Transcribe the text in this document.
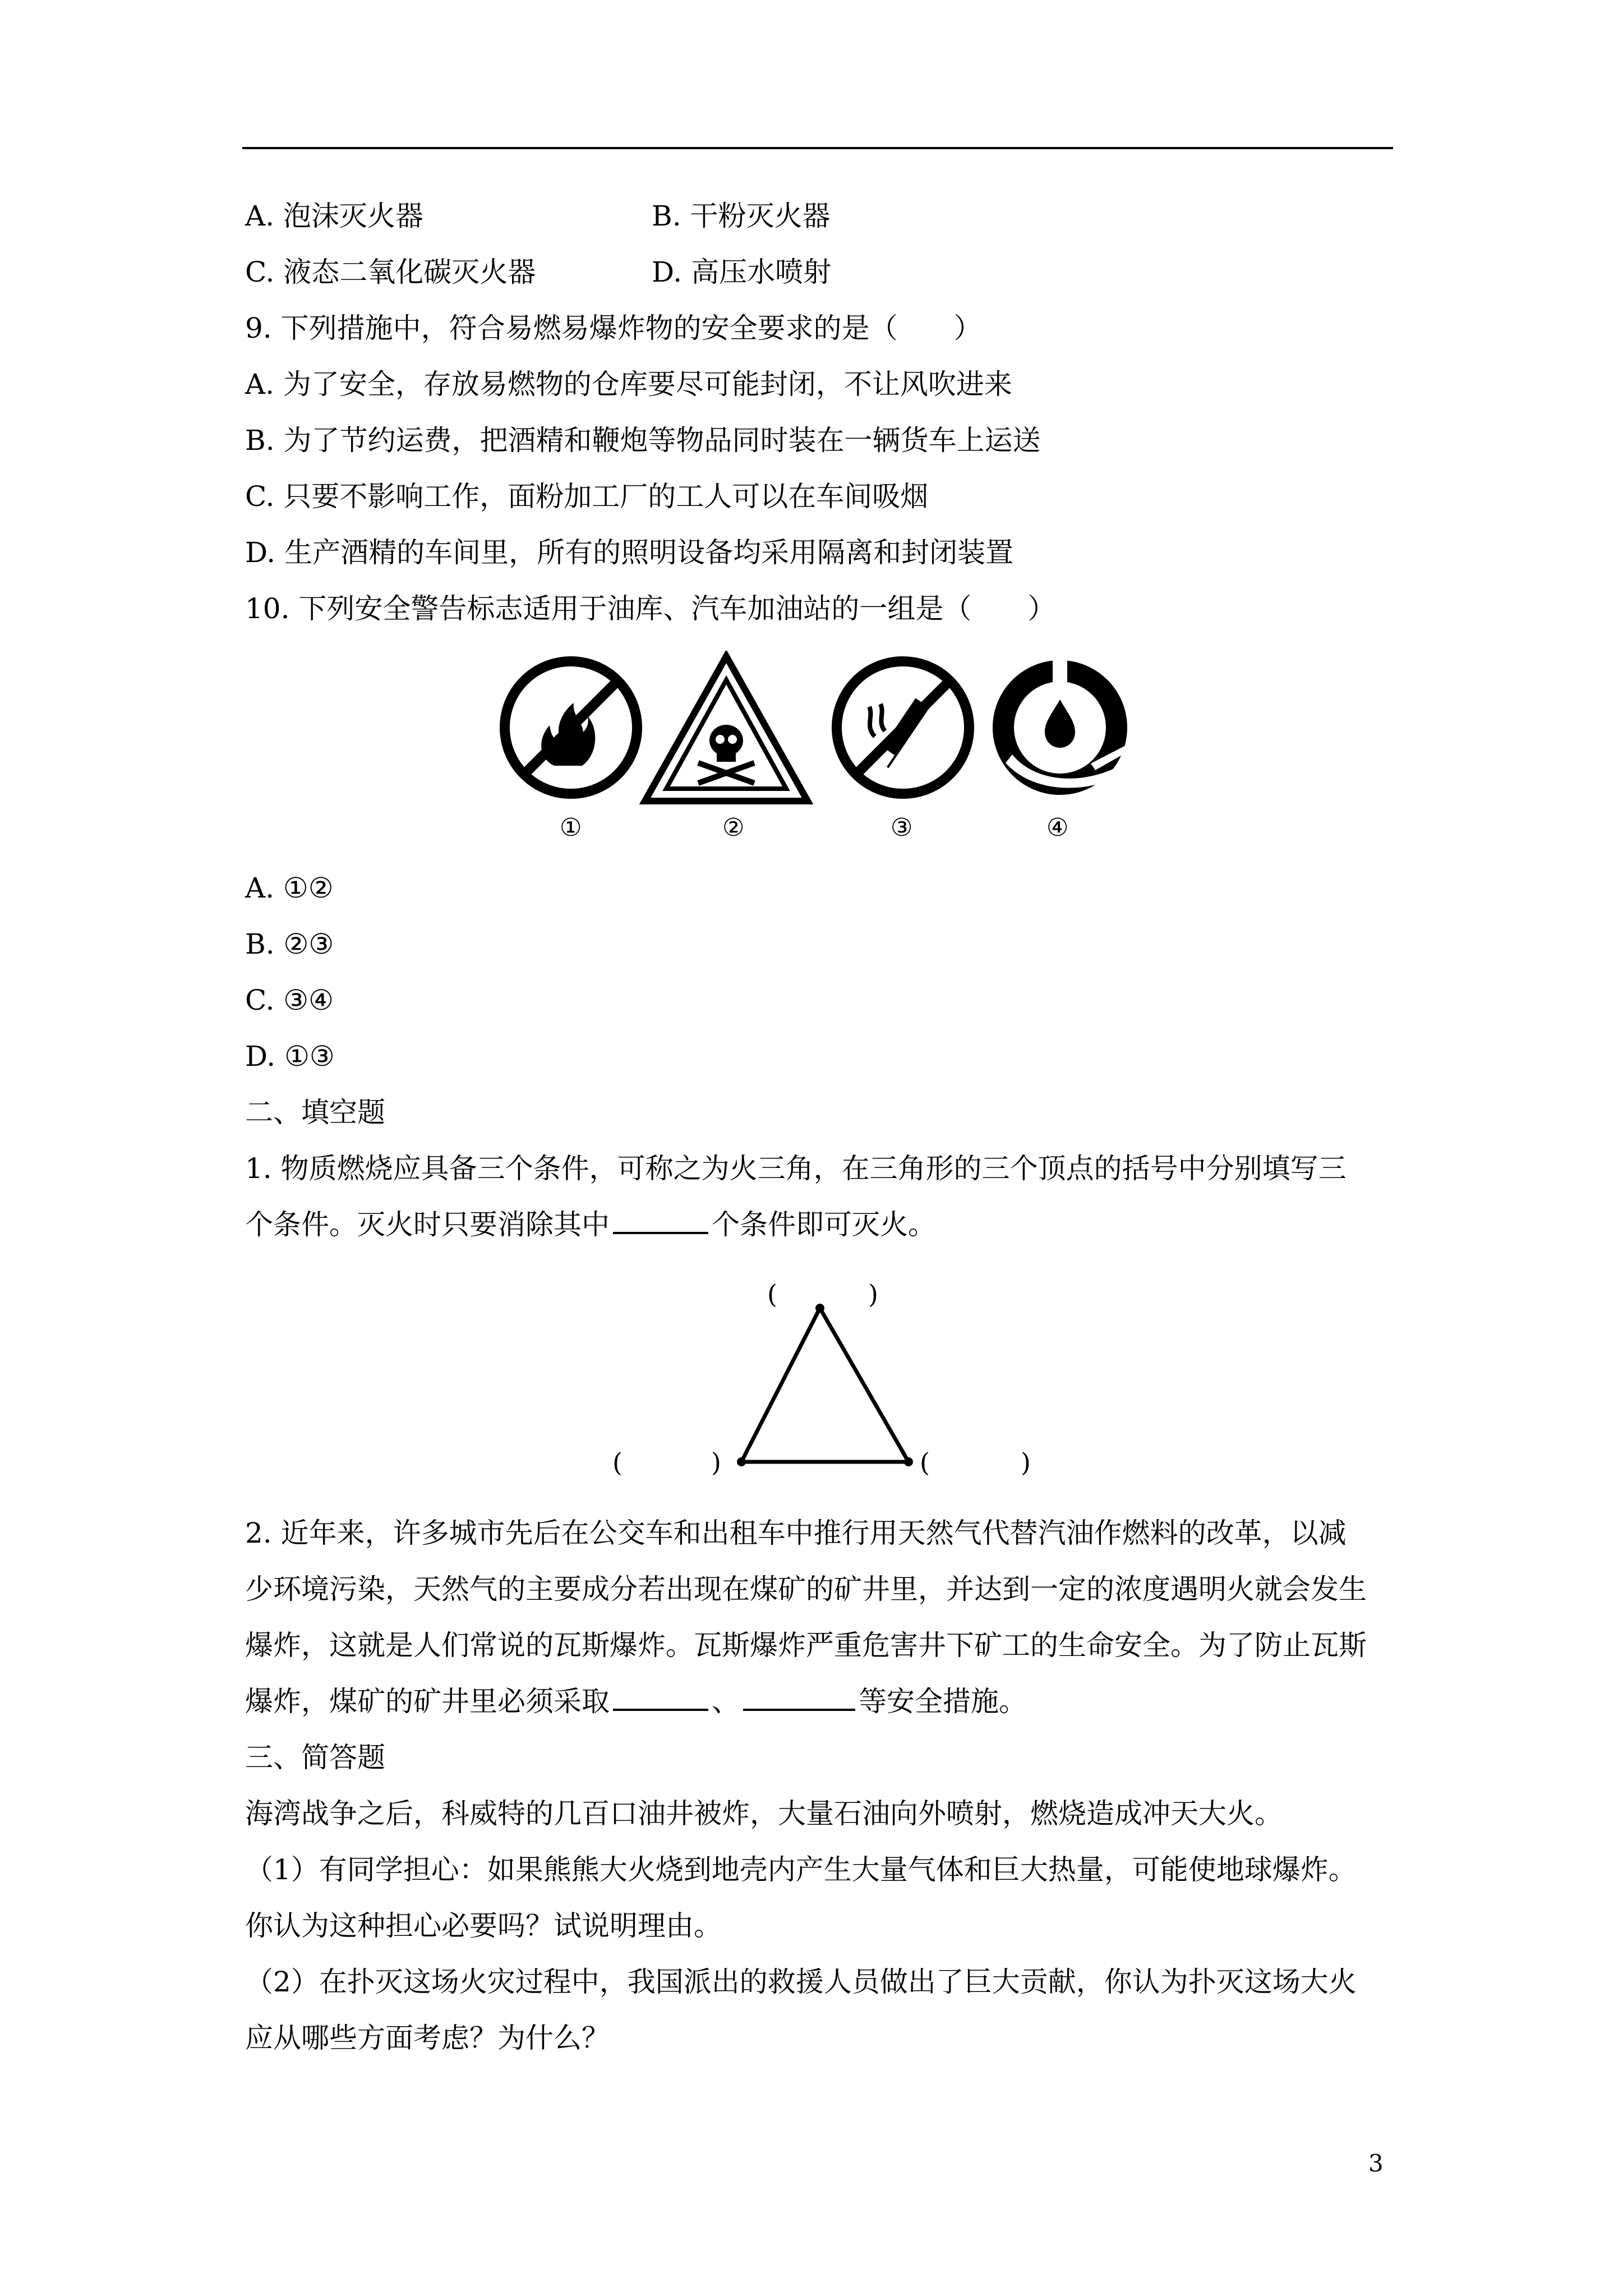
A. 泡沫灭火器	B. 干粉灭火器
C. 液态二氧化碳灭火器	D. 高压水喷射
9. 下列措施中，符合易燃易爆炸物的安全要求的是（　　）
A. 为了安全，存放易燃物的仓库要尽可能封闭，不让风吹进来
B. 为了节约运费，把酒精和鞭炮等物品同时装在一辆货车上运送
C. 只要不影响工作，面粉加工厂的工人可以在车间吸烟
D. 生产酒精的车间里，所有的照明设备均采用隔离和封闭装置
10. 下列安全警告标志适用于油库、汽车加油站的一组是（　　）
①	②	③	④
A. ①②
B. ②③
C. ③④
D. ①③
二、填空题
1. 物质燃烧应具备三个条件，可称之为火三角，在三角形的三个顶点的括号中分别填写三
个条件。灭火时只要消除其中	个条件即可灭火。
(	)
(	)	(	)
2. 近年来，许多城市先后在公交车和出租车中推行用天然气代替汽油作燃料的改革，以减
少环境污染，天然气的主要成分若出现在煤矿的矿井里，并达到一定的浓度遇明火就会发生
爆炸，这就是人们常说的瓦斯爆炸。瓦斯爆炸严重危害井下矿工的生命安全。为了防止瓦斯
爆炸，煤矿的矿井里必须采取	、	等安全措施。
三、简答题
海湾战争之后，科威特的几百口油井被炸，大量石油向外喷射，燃烧造成冲天大火。
（1）有同学担心：如果熊熊大火烧到地壳内产生大量气体和巨大热量，可能使地球爆炸。
你认为这种担心必要吗？试说明理由。
（2）在扑灭这场火灾过程中，我国派出的救援人员做出了巨大贡献，你认为扑灭这场大火
应从哪些方面考虑？为什么？
3
